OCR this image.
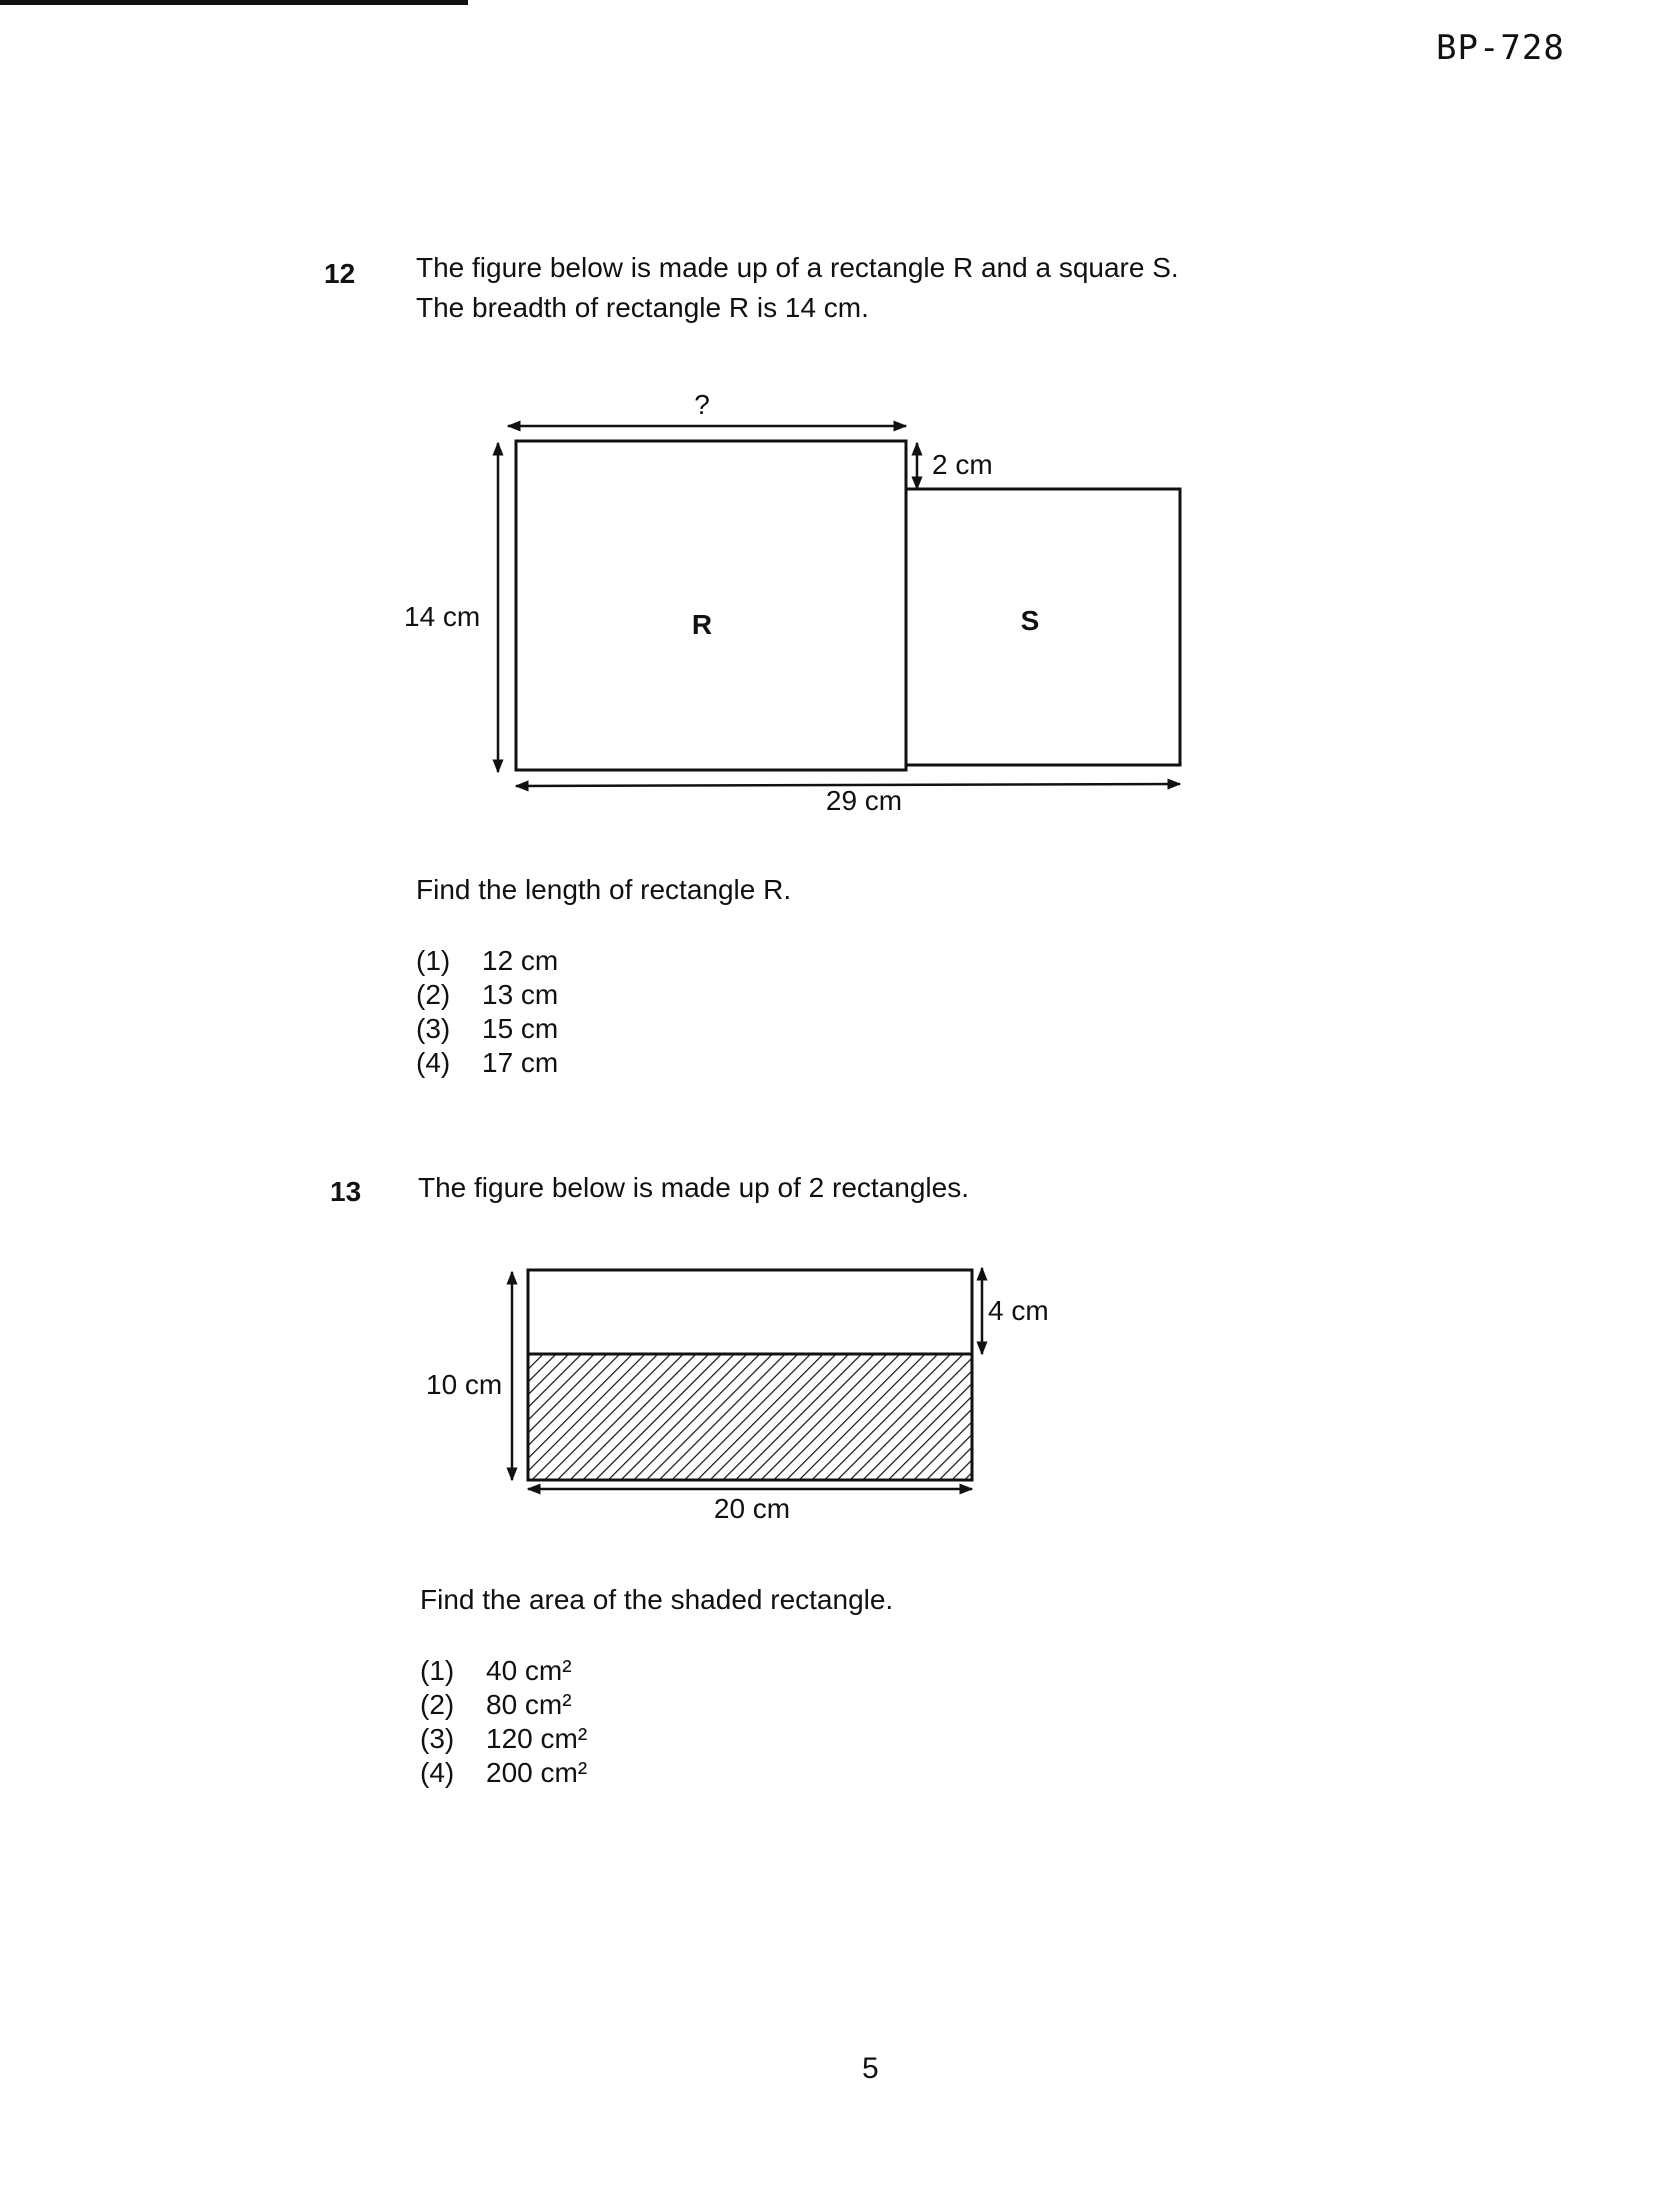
BP-728
12 The figure below is made up of a rectangle R and a square S.
The breadth of rectangle R is 14 cm.
?
2 cm
14 cm	R	S
29 cm
10 cm
4 cm
20 cm
Find the length of rectangle R.
(1) 12 cm
(2) 13 cm
(3) 15 cm
(4) 17 cm
13 The figure below is made up of 2 rectangles.
Find the area of the shaded rectangle.
(1) 40 cm²
(2) 80 cm²
(3) 120 cm²
(4) 200 cm²
5
